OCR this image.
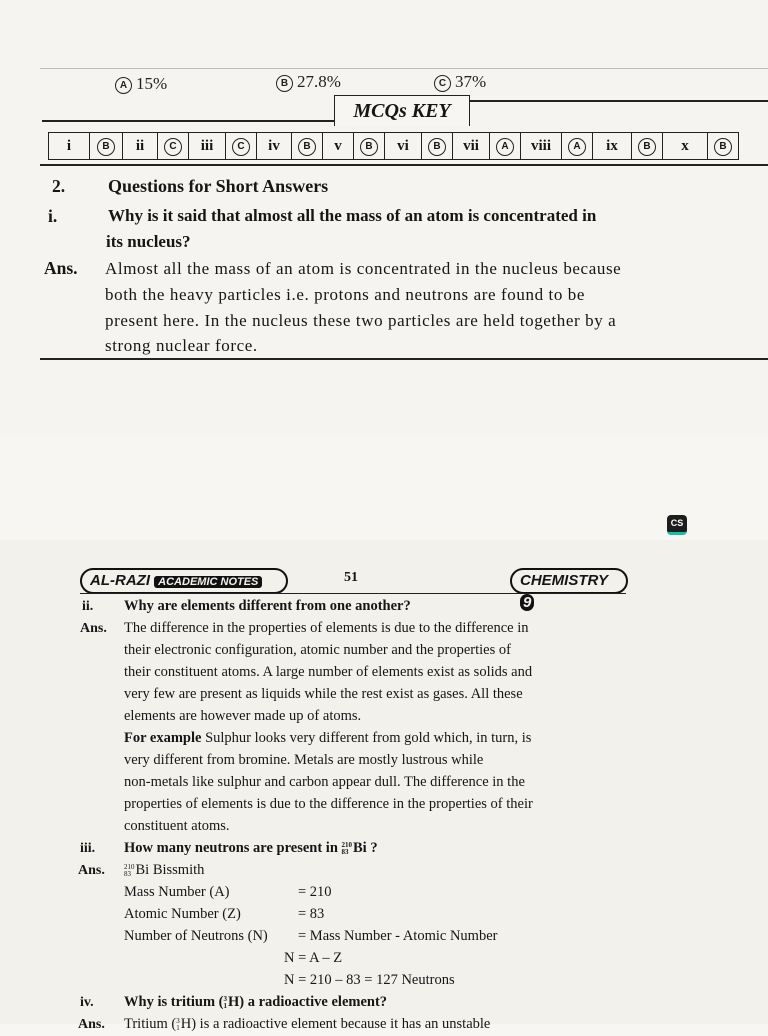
A 15%	B 27.8%	C 37%
MCQs KEY
i	B	ii	C	iii	C	iv	B	v	B	vi	B	vii	A	viii	A	ix	B	x	B
2. Questions for Short Answers
i.	Why is it said that almost all the mass of an atom is concentrated in
its nucleus?
Ans. Almost all the mass of an atom is concentrated in the nucleus because
both the heavy particles i.e. protons and neutrons are found to be
present here. In the nucleus these two particles are held together by a
strong nuclear force.
CS
AL-RAZI ACADEMIC NOTES	51	CHEMISTRY 9
ii. Why are elements different from one another?
Ans. The difference in the properties of elements is due to the difference in
their electronic configuration, atomic number and the properties of
their constituent atoms. A large number of elements exist as solids and
very few are present as liquids while the rest exist as gases. All these
elements are however made up of atoms.
For example Sulphur looks very different from gold which, in turn, is
very different from bromine. Metals are mostly lustrous while
non-metals like sulphur and carbon appear dull. The difference in the
properties of elements is due to the difference in the properties of their
constituent atoms.
iii. How many neutrons are present in 210
83 Bi ?
Ans.	210
83 Bi Bissmith
Mass Number (A)	= 210
Atomic Number (Z)	= 83
Number of Neutrons (N) = Mass Number - Atomic Number
N = A – Z
N = 210 – 83 = 127 Neutrons
iv. Why is tritium (3
1H) a radioactive element?
Ans. Tritium (3
1H) is a radioactive element because it has an unstable
